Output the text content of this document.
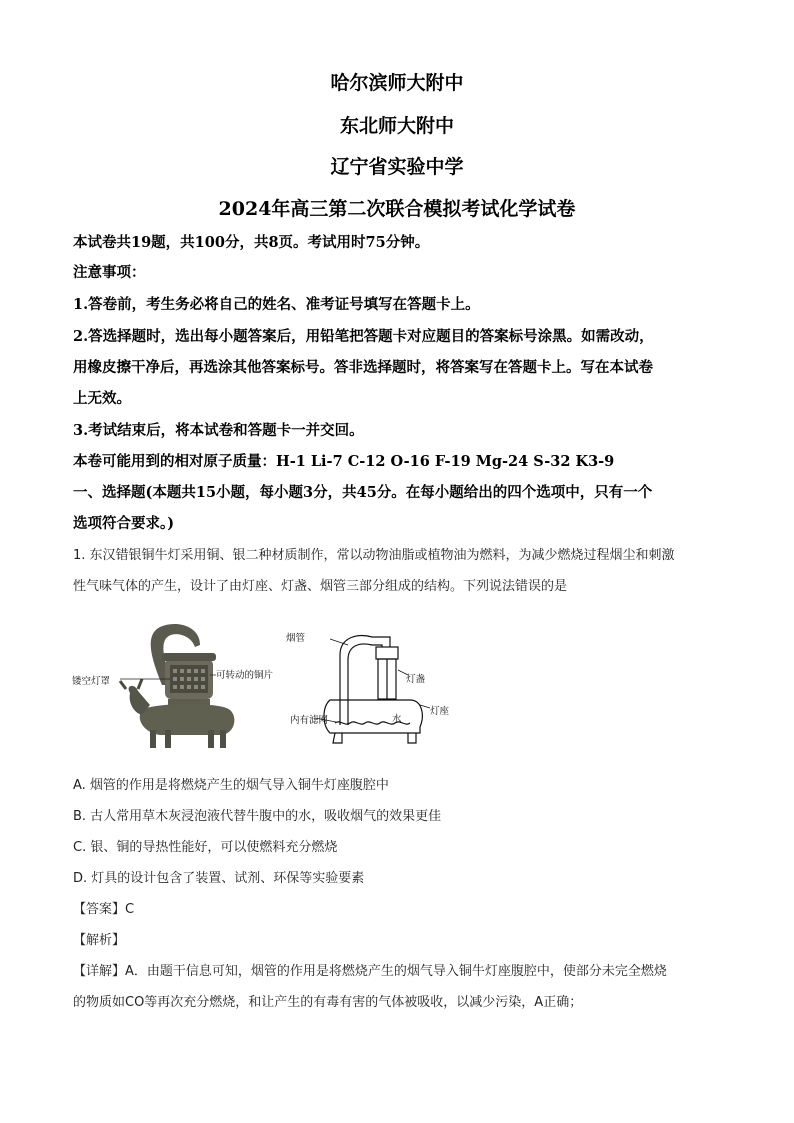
哈尔滨师大附中
东北师大附中
辽宁省实验中学
2024年高三第二次联合模拟考试化学试卷
本试卷共19题，共100分，共8页。考试用时75分钟。
注意事项：
1.答卷前，考生务必将自己的姓名、准考证号填写在答题卡上。
2.答选择题时，选出每小题答案后，用铅笔把答题卡对应题目的答案标号涂黑。如需改动，
用橡皮擦干净后，再选涂其他答案标号。答非选择题时，将答案写在答题卡上。写在本试卷
上无效。
3.考试结束后，将本试卷和答题卡一并交回。
本卷可能用到的相对原子质量：H-1 Li-7 C-12 O-16 F-19 Mg-24 S-32 K3-9
一、选择题(本题共15小题，每小题3分，共45分。在每小题给出的四个选项中，只有一个
选项符合要求。)
1. 东汉错银铜牛灯采用铜、银二种材质制作，常以动物油脂或植物油为燃料，为减少燃烧过程烟尘和刺激
性气味气体的产生，设计了由灯座、灯盏、烟管三部分组成的结构。下列说法错误的是
镂空灯罩
可转动的铜片
烟管
灯盏
内有滤网	水
灯座
A. 烟管的作用是将燃烧产生的烟气导入铜牛灯座腹腔中
B. 古人常用草木灰浸泡液代替牛腹中的水，吸收烟气的效果更佳
C. 银、铜的导热性能好，可以使燃料充分燃烧
D. 灯具的设计包含了装置、试剂、环保等实验要素
【答案】C
【解析】
【详解】A．由题干信息可知，烟管的作用是将燃烧产生的烟气导入铜牛灯座腹腔中，使部分未完全燃烧
的物质如CO等再次充分燃烧，和让产生的有毒有害的气体被吸收，以减少污染，A正确；
